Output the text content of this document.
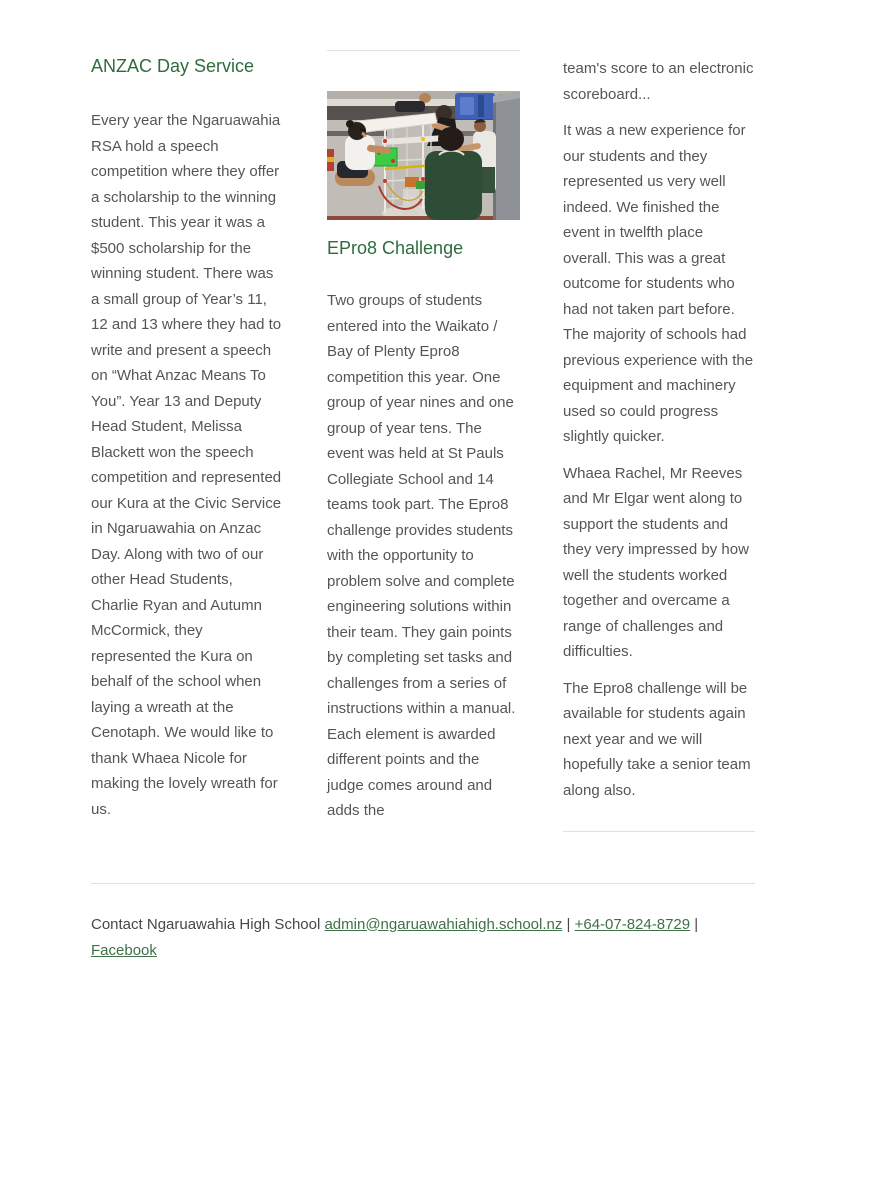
ANZAC Day Service

Every year the Ngaruawahia RSA hold a speech competition where they offer a scholarship to the winning student. This year it was a $500 scholarship for the winning student. There was a small group of Year’s 11, 12 and 13 where they had to write and present a speech on “What Anzac Means To You”. Year 13 and Deputy Head Student, Melissa Blackett won the speech competition and represented our Kura at the Civic Service in Ngaruawahia on Anzac Day. Along with two of our other Head Students, Charlie Ryan and Autumn McCormick, they represented the Kura on behalf of the school when laying a wreath at the Cenotaph. We would like to thank Whaea Nicole for making the lovely wreath for us.

EPro8 Challenge

Two groups of students entered into the Waikato / Bay of Plenty Epro8 competition this year. One group of year nines and one group of year tens. The event was held at St Pauls Collegiate School and 14 teams took part. The Epro8 challenge provides students with the opportunity to problem solve and complete engineering solutions within their team. They gain points by completing set tasks and challenges from a series of instructions within a manual. Each element is awarded different points and the judge comes around and adds the

team's score to an electronic scoreboard...

It was a new experience for our students and they represented us very well indeed. We finished the event in twelfth place overall. This was a great outcome for students who had not taken part before. The majority of schools had previous experience with the equipment and machinery used so could progress slightly quicker.

Whaea Rachel, Mr Reeves and Mr Elgar went along to support the students and they very impressed by how well the students worked together and overcame a range of challenges and difficulties.

The Epro8 challenge will be available for students again next year and we will hopefully take a senior team along also.

Contact Ngaruawahia High School admin@ngaruawahiahigh.school.nz | +64-07-824-8729 | Facebook
